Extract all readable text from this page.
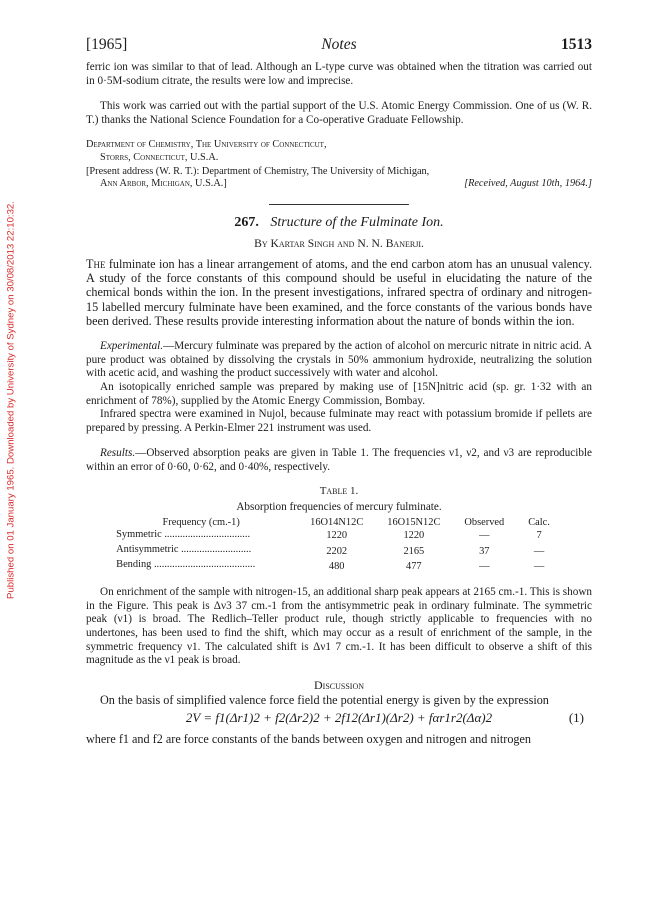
Published on 01 January 1965. Downloaded by University of Sydney on 30/08/2013 22:10:32.
[1965]	Notes	1513

ferric ion was similar to that of lead. Although an L-type curve was obtained when the titration was carried out in 0·5M-sodium citrate, the results were low and imprecise.

This work was carried out with the partial support of the U.S. Atomic Energy Commission. One of us (W. R. T.) thanks the National Science Foundation for a Co-operative Graduate Fellowship.

Department of Chemistry, The University of Connecticut,
Storrs, Connecticut, U.S.A.
[Present address (W. R. T.): Department of Chemistry, The University of Michigan,
Ann Arbor, Michigan, U.S.A.]	[Received, August 10th, 1964.]
267. Structure of the Fulminate Ion.
By Kartar Singh and N. N. Banerji.

The fulminate ion has a linear arrangement of atoms, and the end carbon atom has an unusual valency. A study of the force constants of this compound should be useful in elucidating the nature of the chemical bonds within the ion. In the present investigations, infrared spectra of ordinary and nitrogen-15 labelled mercury fulminate have been examined, and the force constants of the various bonds have been derived. These results provide interesting information about the nature of bonds within the ion.

Experimental.—Mercury fulminate was prepared by the action of alcohol on mercuric nitrate in nitric acid. A pure product was obtained by dissolving the crystals in 50% ammonium hydroxide, neutralizing the solution with acetic acid, and washing the product successively with water and alcohol.

An isotopically enriched sample was prepared by making use of [15N]nitric acid (sp. gr. 1·32 with an enrichment of 78%), supplied by the Atomic Energy Commission, Bombay.

Infrared spectra were examined in Nujol, because fulminate may react with potassium bromide if pellets are prepared by pressing. A Perkin-Elmer 221 instrument was used.

Results.—Observed absorption peaks are given in Table 1. The frequencies ν1, ν2, and ν3 are reproducible within an error of 0·60, 0·62, and 0·40%, respectively.

Table 1.
Absorption frequencies of mercury fulminate.
Frequency (cm.-1)	16O14N12C	16O15N12C	Observed	Calc.
Symmetric .................................	1220	1220	—	7
Antisymmetric ...........................	2202	2165	37	—
Bending .......................................	480	477	—	—

On enrichment of the sample with nitrogen-15, an additional sharp peak appears at 2165 cm.-1. This is shown in the Figure. This peak is Δν3 37 cm.-1 from the antisymmetric peak in ordinary fulminate. The symmetric peak (ν1) is broad. The Redlich–Teller product rule, though strictly applicable to frequencies with no undertones, has been used to find the shift, which may occur as a result of enrichment of the sample, in the symmetric frequency ν1. The calculated shift is Δν1 7 cm.-1. It has been difficult to observe a shift of this magnitude as the ν1 peak is broad.

Discussion

On the basis of simplified valence force field the potential energy is given by the expression

2V = f1(Δr1)2 + f2(Δr2)2 + 2f12(Δr1)(Δr2) + fαr1r2(Δα)2	(1)

where f1 and f2 are force constants of the bands between oxygen and nitrogen and nitrogen
